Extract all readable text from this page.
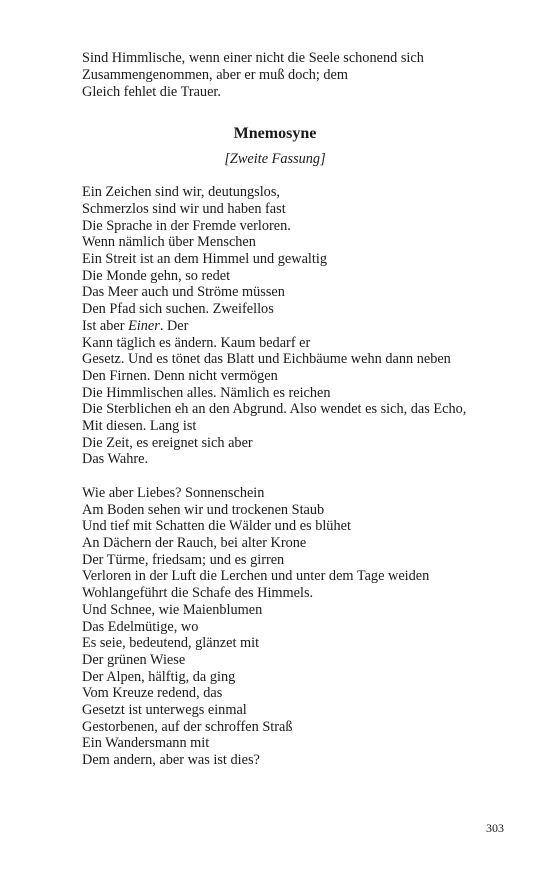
Sind Himmlische, wenn einer nicht die Seele schonend sich
Zusammengenommen, aber er muß doch; dem
Gleich fehlet die Trauer.
Mnemosyne
[Zweite Fassung]
Ein Zeichen sind wir, deutungslos,
Schmerzlos sind wir und haben fast
Die Sprache in der Fremde verloren.
Wenn nämlich über Menschen
Ein Streit ist an dem Himmel und gewaltig
Die Monde gehn, so redet
Das Meer auch und Ströme müssen
Den Pfad sich suchen. Zweifellos
Ist aber Einer. Der
Kann täglich es ändern. Kaum bedarf er
Gesetz. Und es tönet das Blatt und Eichbäume wehn dann neben
Den Firnen. Denn nicht vermögen
Die Himmlischen alles. Nämlich es reichen
Die Sterblichen eh an den Abgrund. Also wendet es sich, das Echo,
Mit diesen. Lang ist
Die Zeit, es ereignet sich aber
Das Wahre.
Wie aber Liebes? Sonnenschein
Am Boden sehen wir und trockenen Staub
Und tief mit Schatten die Wälder und es blühet
An Dächern der Rauch, bei alter Krone
Der Türme, friedsam; und es girren
Verloren in der Luft die Lerchen und unter dem Tage weiden
Wohlangeführt die Schafe des Himmels.
Und Schnee, wie Maienblumen
Das Edelmütige, wo
Es seie, bedeutend, glänzet mit
Der grünen Wiese
Der Alpen, hälftig, da ging
Vom Kreuze redend, das
Gesetzt ist unterwegs einmal
Gestorbenen, auf der schroffen Straß
Ein Wandersmann mit
Dem andern, aber was ist dies?
303
